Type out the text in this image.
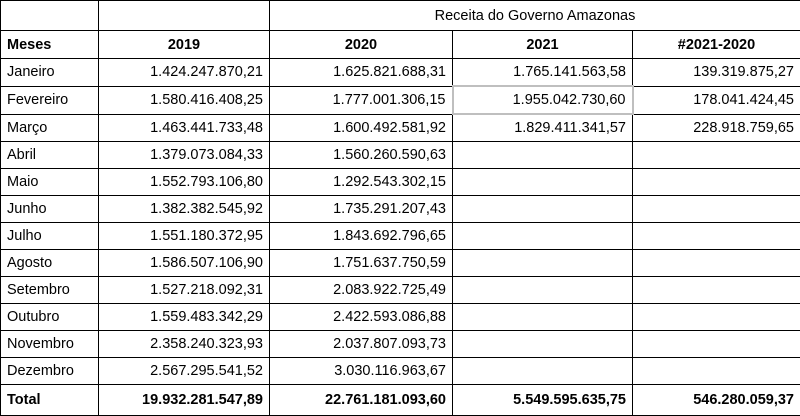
		Receita do Governo Amazonas		
Meses	2019	2020	2021	#2021-2020
Janeiro	1.424.247.870,21	1.625.821.688,31	1.765.141.563,58	139.319.875,27
Fevereiro	1.580.416.408,25	1.777.001.306,15	1.955.042.730,60	178.041.424,45
Março	1.463.441.733,48	1.600.492.581,92	1.829.411.341,57	228.918.759,65
Abril	1.379.073.084,33	1.560.260.590,63		
Maio	1.552.793.106,80	1.292.543.302,15		
Junho	1.382.382.545,92	1.735.291.207,43		
Julho	1.551.180.372,95	1.843.692.796,65		
Agosto	1.586.507.106,90	1.751.637.750,59		
Setembro	1.527.218.092,31	2.083.922.725,49		
Outubro	1.559.483.342,29	2.422.593.086,88		
Novembro	2.358.240.323,93	2.037.807.093,73		
Dezembro	2.567.295.541,52	3.030.116.963,67		
Total	19.932.281.547,89	22.761.181.093,60	5.549.595.635,75	546.280.059,37
